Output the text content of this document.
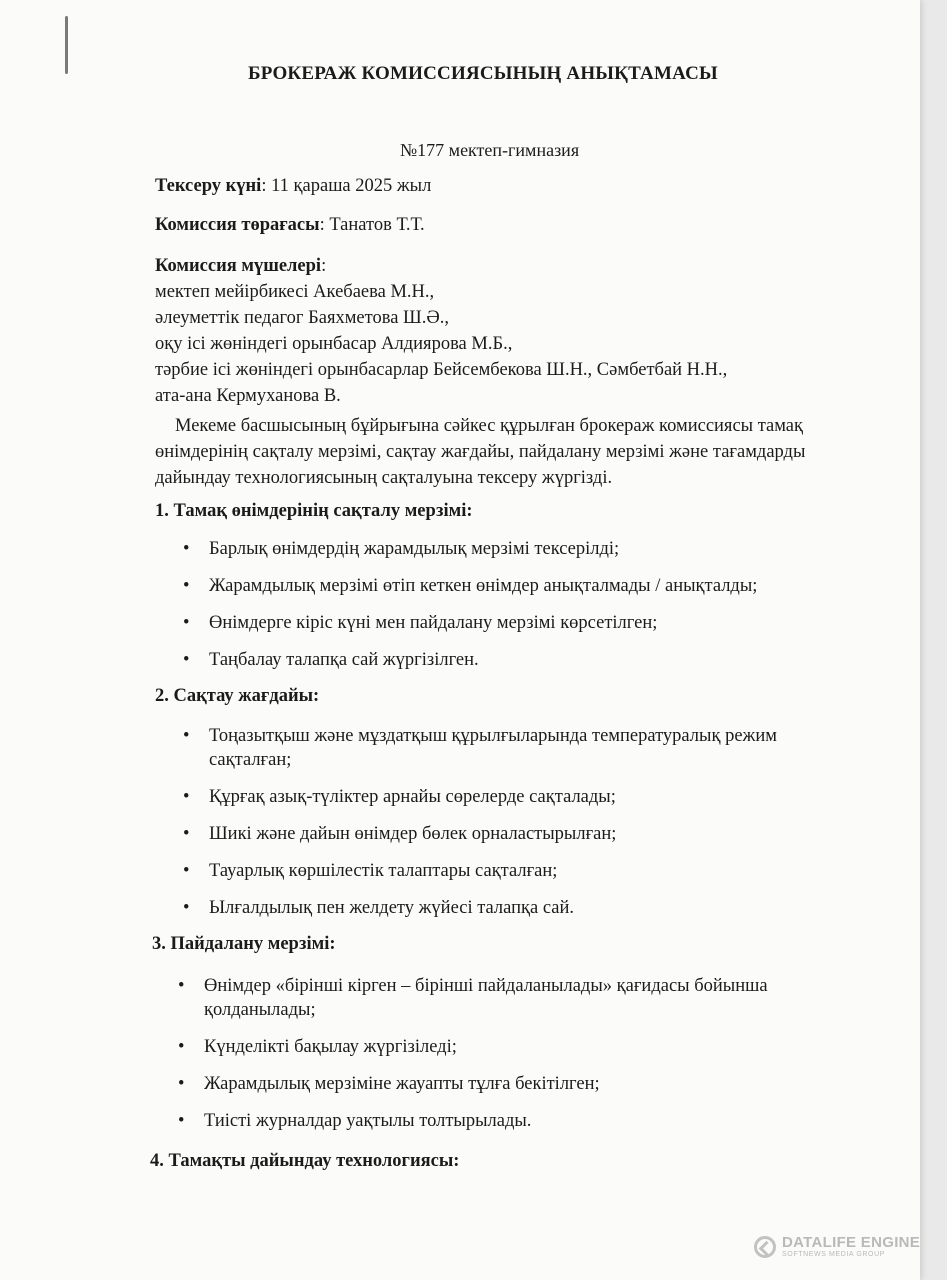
БРОКЕРАЖ КОМИССИЯСЫНЫҢ АНЫҚТАМАСЫ
№177 мектеп-гимназия
Тексеру күні: 11 қараша 2025 жыл
Комиссия төрағасы: Танатов Т.Т.
Комиссия мүшелері:
мектеп мейірбикесі Акебаева М.Н.,
әлеуметтік педагог Баяхметова Ш.Ә.,
оқу ісі жөніндегі орынбасар Алдиярова М.Б.,
тәрбие ісі жөніндегі орынбасарлар Бейсембекова Ш.Н., Сәмбетбай Н.Н.,
ата-ана Кермуханова В.
Мекеме басшысының бұйрығына сәйкес құрылған брокераж комиссиясы тамақ өнімдерінің сақталу мерзімі, сақтау жағдайы, пайдалану мерзімі және тағамдарды дайындау технологиясының сақталуына тексеру жүргізді.
1. Тамақ өнімдерінің сақталу мерзімі:
• Барлық өнімдердің жарамдылық мерзімі тексерілді;
• Жарамдылық мерзімі өтіп кеткен өнімдер анықталмады / анықталды;
• Өнімдерге кіріс күні мен пайдалану мерзімі көрсетілген;
• Таңбалау талапқа сай жүргізілген.
2. Сақтау жағдайы:
• Тоңазытқыш және мұздатқыш құрылғыларында температуралық режим сақталған;
• Құрғақ азық-түліктер арнайы сөрелерде сақталады;
• Шикі және дайын өнімдер бөлек орналастырылған;
• Тауарлық көршілестік талаптары сақталған;
• Ылғалдылық пен желдету жүйесі талапқа сай.
3. Пайдалану мерзімі:
• Өнімдер «бірінші кірген – бірінші пайдаланылады» қағидасы бойынша қолданылады;
• Күнделікті бақылау жүргізіледі;
• Жарамдылық мерзіміне жауапты тұлға бекітілген;
• Тиісті журналдар уақтылы толтырылады.
4. Тамақты дайындау технологиясы:
DATALIFE ENGINE
SOFTNEWS MEDIA GROUP
